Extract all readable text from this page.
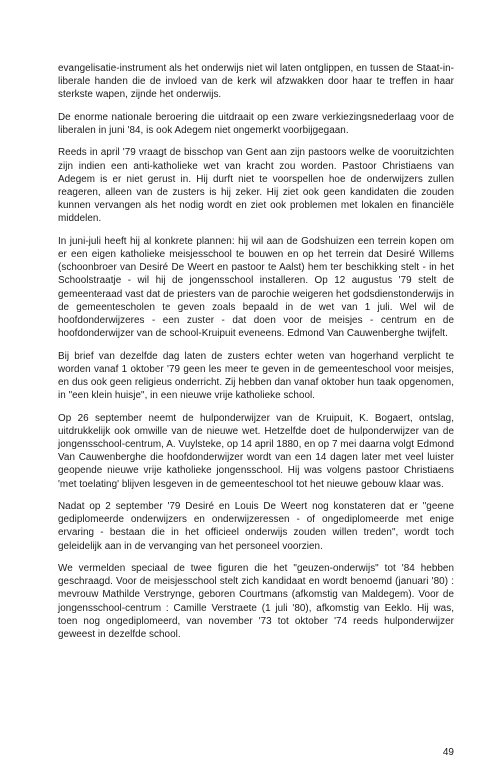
evangelisatie-instrument als het onderwijs niet wil laten ontglippen, en tussen de Staat-in-liberale handen die de invloed van de kerk wil afzwakken door haar te treffen in haar sterkste wapen, zijnde het onderwijs.

De enorme nationale beroering die uitdraait op een zware verkiezingsnederlaag voor de liberalen in juni '84, is ook Adegem niet ongemerkt voorbijgegaan.

Reeds in april '79 vraagt de bisschop van Gent aan zijn pastoors welke de vooruitzichten zijn indien een anti-katholieke wet van kracht zou worden. Pastoor Christiaens van Adegem is er niet gerust in. Hij durft niet te voorspellen hoe de onderwijzers zullen reageren, alleen van de zusters is hij zeker. Hij ziet ook geen kandidaten die zouden kunnen vervangen als het nodig wordt en ziet ook problemen met lokalen en financiële middelen.

In juni-juli heeft hij al konkrete plannen: hij wil aan de Godshuizen een terrein kopen om er een eigen katholieke meisjesschool te bouwen en op het terrein dat Desiré Willems (schoonbroer van Desiré De Weert en pastoor te Aalst) hem ter beschikking stelt - in het Schoolstraatje - wil hij de jongensschool installeren. Op 12 augustus '79 stelt de gemeenteraad vast dat de priesters van de parochie weigeren het godsdienstonderwijs in de gemeentescholen te geven zoals bepaald in de wet van 1 juli. Wel wil de hoofdonderwijzeres - een zuster - dat doen voor de meisjes - centrum en de hoofdonderwijzer van de school-Kruipuit eveneens. Edmond Van Cauwenberghe twijfelt.

Bij brief van dezelfde dag laten de zusters echter weten van hogerhand verplicht te worden vanaf 1 oktober '79 geen les meer te geven in de gemeenteschool voor meisjes, en dus ook geen religieus onderricht. Zij hebben dan vanaf oktober hun taak opgenomen, in "een klein huisje", in een nieuwe vrije katholieke school.

Op 26 september neemt de hulponderwijzer van de Kruipuit, K. Bogaert, ontslag, uitdrukkelijk ook omwille van de nieuwe wet. Hetzelfde doet de hulponderwijzer van de jongensschool-centrum, A. Vuylsteke, op 14 april 1880, en op 7 mei daarna volgt Edmond Van Cauwenberghe die hoofdonderwijzer wordt van een 14 dagen later met veel luister geopende nieuwe vrije katholieke jongensschool. Hij was volgens pastoor Christiaens 'met toelating' blijven lesgeven in de gemeenteschool tot het nieuwe gebouw klaar was.

Nadat op 2 september '79 Desiré en Louis De Weert nog konstateren dat er "geene gediplomeerde onderwijzers en onderwijzeressen - of ongediplomeerde met enige ervaring - bestaan die in het officieel onderwijs zouden willen treden", wordt toch geleidelijk aan in de vervanging van het personeel voorzien.

We vermelden speciaal de twee figuren die het "geuzen-onderwijs" tot '84 hebben geschraagd. Voor de meisjesschool stelt zich kandidaat en wordt benoemd (januari '80) : mevrouw Mathilde Verstrynge, geboren Courtmans (afkomstig van Maldegem). Voor de jongensschool-centrum : Camille Verstraete (1 juli '80), afkomstig van Eeklo. Hij was, toen nog ongediplomeerd, van november '73 tot oktober '74 reeds hulponderwijzer geweest in dezelfde school.

49
